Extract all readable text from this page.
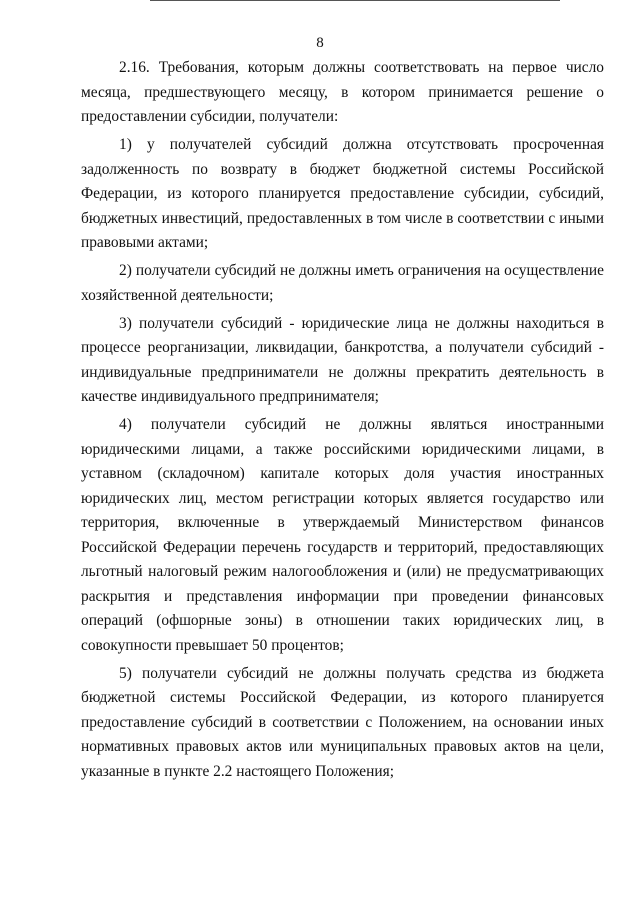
8

2.16. Требования, которым должны соответствовать на первое число месяца, предшествующего месяцу, в котором принимается решение о предоставлении субсидии, получатели:

1) у получателей субсидий должна отсутствовать просроченная задолженность по возврату в бюджет бюджетной системы Российской Федерации, из которого планируется предоставление субсидии, субсидий, бюджетных инвестиций, предоставленных в том числе в соответствии с иными правовыми актами;

2) получатели субсидий не должны иметь ограничения на осуществление хозяйственной деятельности;

3) получатели субсидий - юридические лица не должны находиться в процессе реорганизации, ликвидации, банкротства, а получатели субсидий - индивидуальные предприниматели не должны прекратить деятельность в качестве индивидуального предпринимателя;

4) получатели субсидий не должны являться иностранными юридическими лицами, а также российскими юридическими лицами, в уставном (складочном) капитале которых доля участия иностранных юридических лиц, местом регистрации которых является государство или территория, включенные в утверждаемый Министерством финансов Российской Федерации перечень государств и территорий, предоставляющих льготный налоговый режим налогообложения и (или) не предусматривающих раскрытия и представления информации при проведении финансовых операций (офшорные зоны) в отношении таких юридических лиц, в совокупности превышает 50 процентов;

5) получатели субсидий не должны получать средства из бюджета бюджетной системы Российской Федерации, из которого планируется предоставление субсидий в соответствии с Положением, на основании иных нормативных правовых актов или муниципальных правовых актов на цели, указанные в пункте 2.2 настоящего Положения;
